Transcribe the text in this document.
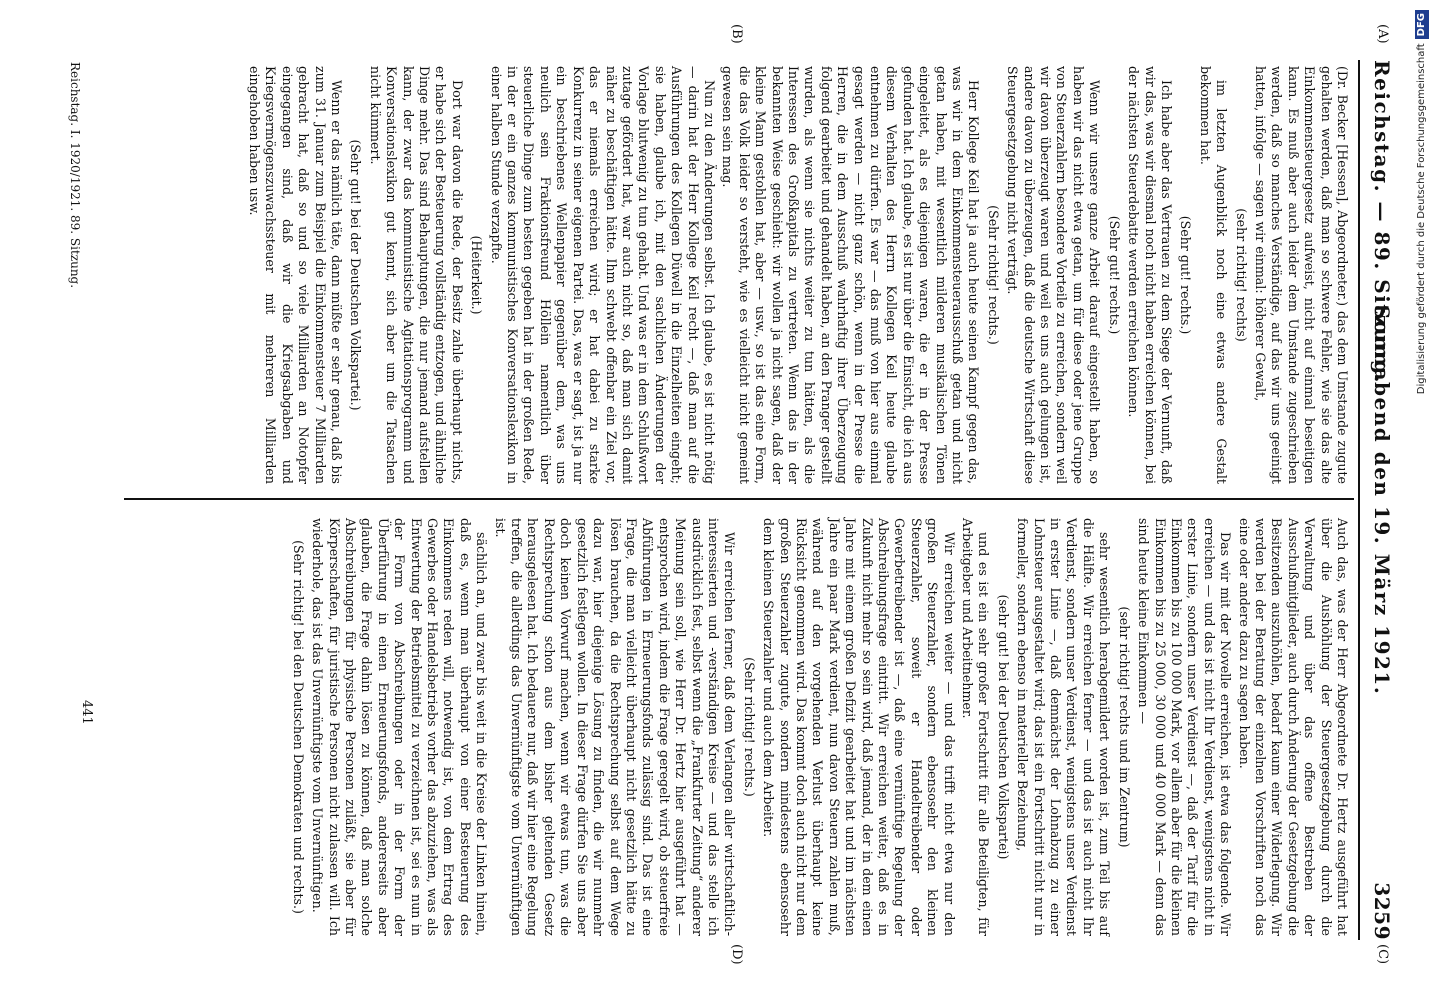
Reichstag. — 89. Sitzung.
Sonnabend den 19. März 1921.
3259
(A)
(B)
(C)
(D)

(Dr. Becker [Hessen], Abgeordneter.) das dem Umstande zugute gehalten werden, daß man so schwere Fehler, wie sie das alte Einkommensteuergesetz aufweist, nicht auf einmal beseitigen kann. Es muß aber auch leider dem Umstande zugeschrieben werden, daß so manches Verständige, auf das wir uns geeinigt hatten, infolge — sagen wir einmal: höherer Gewalt,

(sehr richtig! rechts)

im letzten Augenblick noch eine etwas andere Gestalt bekommen hat.

(Sehr gut! rechts.)

Ich habe aber das Vertrauen zu dem Siege der Vernunft, daß wir das, was wir diesmal noch nicht haben erreichen können, bei der nächsten Steuerdebatte werden erreichen können.

(Sehr gut! rechts.)

Wenn wir unsere ganze Arbeit darauf eingestellt haben, so haben wir das nicht etwa getan, um für diese oder jene Gruppe von Steuerzahlern besondere Vorteile zu erreichen, sondern weil wir davon überzeugt waren und weil es uns auch gelungen ist, andere davon zu überzeugen, daß die deutsche Wirtschaft diese Steuergesetzgebung nicht verträgt.

(Sehr richtig! rechts.)

Herr Kollege Keil hat ja auch heute seinen Kampf gegen das, was wir in dem Einkommensteuerausschuß getan und nicht getan haben, mit wesentlich milderen musikalischen Tönen eingeleitet, als es diejenigen waren, die er in der Presse gefunden hat. Ich glaube, es ist nur über die Einsicht, die ich aus diesem Verhalten des Herrn Kollegen Keil heute glaube entnehmen zu dürfen. Es war — das muß von hier aus einmal gesagt werden — nicht ganz schön, wenn in der Presse die Herren, die in dem Ausschuß wahrhaftig ihrer Überzeugung folgend gearbeitet und gehandelt haben, an den Pranger gestellt wurden, als wenn sie nichts weiter zu tun hätten, als die Interessen des Großkapitals zu vertreten. Wenn das in der bekannten Weise geschieht: wir wollen ja nicht sagen, daß der kleine Mann gestohlen hat, aber — usw., so ist das eine Form, die das Volk leider so versteht, wie es vielleicht nicht gemeint gewesen sein mag.

Nun zu den Änderungen selbst. Ich glaube, es ist nicht nötig — darin hat der Herr Kollege Keil recht —, daß man auf die Ausführungen des Kollegen Düwell in die Einzelheiten eingeht; sie haben, glaube ich, mit den sachlichen Änderungen der Vorlage blutwenig zu tun gehabt. Und was er in dem Schlußwort zutage gefördert hat, war auch nicht so, daß man sich damit näher zu beschäftigen hätte. Ihm schwebt offenbar ein Ziel vor, das er niemals erreichen wird; er hat dabei zu starke Konkurrenz in seiner eigenen Partei. Das, was er sagt, ist ja nur ein beschriebenes Wellenpapier gegenüber dem, was uns neulich sein Fraktionsfreund Höllein namentlich über steuerliche Dinge zum besten gegeben hat in der großen Rede, in der er ein ganzes kommunistisches Konversationslexikon in einer halben Stunde verzapfte.

(Heiterkeit.)

Dort war davon die Rede, der Besitz zahle überhaupt nichts, er habe sich der Besteuerung vollständig entzogen, und ähnliche Dinge mehr. Das sind Behauptungen, die nur jemand aufstellen kann, der zwar das kommunistische Agitationsprogramm und Konversationslexikon gut kennt, sich aber um die Tatsachen nicht kümmert.

(Sehr gut! bei der Deutschen Volkspartei.)

Wenn er das nämlich täte, dann müßte er sehr genau, daß bis zum 31. Januar zum Beispiel die Einkommensteuer 7 Milliarden gebracht hat, daß so und so viele Milliarden an Notopfer eingegangen sind, daß wir die Kriegsabgaben und Kriegsvermögenszuwachssteuer mit mehreren Milliarden eingehoben haben usw.

Auch das, was der Herr Abgeordnete Dr. Hertz ausgeführt hat über die Aushöhlung der Steuergesetzgebung durch die Verwaltung und über das offene Bestreben der Ausschußmitglieder, auch durch Änderung der Gesetzgebung die Besitzenden auszuhöhlen, bedarf kaum einer Widerlegung. Wir werden bei der Beratung der einzelnen Vorschriften noch das eine oder andere dazu zu sagen haben.

Das wir mit der Novelle erreichen, ist etwa das folgende. Wir erreichen — und das ist nicht Ihr Verdienst, wenigstens nicht in erster Linie, sondern unser Verdienst —, daß der Tarif für die Einkommen bis zu 100 000 Mark, vor allem aber für die kleinen Einkommen bis zu 25 000, 30 000 und 40 000 Mark — denn das sind heute kleine Einkommen —

(sehr richtig! rechts und im Zentrum)

sehr wesentlich herabgemildert worden ist, zum Teil bis auf die Hälfte. Wir erreichen ferner — und das ist auch nicht Ihr Verdienst, sondern unser Verdienst, wenigstens unser Verdienst in erster Linie —, daß demnächst der Lohnabzug zu einer Lohnsteuer ausgestaltet wird; das ist ein Fortschritt nicht nur in formeller, sondern ebenso in materieller Beziehung,

(sehr gut! bei der Deutschen Volkspartei)

und es ist ein sehr großer Fortschritt für alle Beteiligten, für Arbeitgeber und Arbeitnehmer.

Wir erreichen weiter — und das trifft nicht etwa nur den großen Steuerzahler, sondern ebensosehr den kleinen Steuerzahler, soweit er Handeltreibender oder Gewerbetreibender ist —, daß eine vernünftige Regelung der Abschreibungsfrage eintritt. Wir erreichen weiter, daß es in Zukunft nicht mehr so sein wird, daß jemand, der in dem einen Jahre mit einem großen Defizit gearbeitet hat und im nächsten Jahre ein paar Mark verdient, nun davon Steuern zahlen muß, während auf den vorgehenden Verlust überhaupt keine Rücksicht genommen wird. Das kommt doch auch nicht nur dem großen Steuerzahler zugute, sondern mindestens ebensosehr dem kleinen Steuerzahler und auch dem Arbeiter.

(Sehr richtig! rechts.)

Wir erreichen ferner, daß dem Verlangen aller wirtschaftlich-interessierten und -verständigen Kreise — und das stelle ich ausdrücklich fest, selbst wenn die „Frankfurter Zeitung“ anderer Meinung sein soll, wie Herr Dr. Hertz hier ausgeführt hat — entsprochen wird, indem die Frage geregelt wird, ob steuerfreie Abführungen in Erneuerungsfonds zulässig sind. Das ist eine Frage, die man vielleicht überhaupt nicht gesetzlich hätte zu lösen brauchen, da die Rechtsprechung selbst auf dem Wege dazu war, hier diejenige Lösung zu finden, die wir nunmehr gesetzlich festlegen wollen. In dieser Frage dürfen Sie uns aber doch keinen Vorwurf machen, wenn wir etwas tun, was die Rechtsprechung schon aus dem bisher geltenden Gesetz herausgelesen hat. Ich bedauere nur, daß wir hier eine Regelung treffen, die allerdings das Unvernünftigste vom Unvernünftigen ist.

sächlich an, und zwar bis weit in die Kreise der Linken hinein, daß es, wenn man überhaupt von einer Besteuerung des Einkommens reden will, notwendig ist, von dem Ertrag des Gewerbes oder Handelsbetriebs vorher das abzuziehen, was als Entwertung der Betriebsmittel zu verzeichnen ist, sei es nun in der Form von Abschreibungen oder in der Form der Überführung in einen Erneuerungsfonds, andererseits aber glauben, die Frage dahin lösen zu können, daß man solche Abschreibungen für physische Personen zuläßt, sie aber für Körperschaften, für juristische Personen nicht zulassen will. Ich wiederhole, das ist das Unvernünftigste vom Unvernünftigen.

(Sehr richtig! bei den Deutschen Demokraten und rechts.)

Reichstag. I. 1920/1921. 89. Sitzung.
441
Digitalisierung gefördert durch die Deutsche ForschungsgemeinschaftDFG
